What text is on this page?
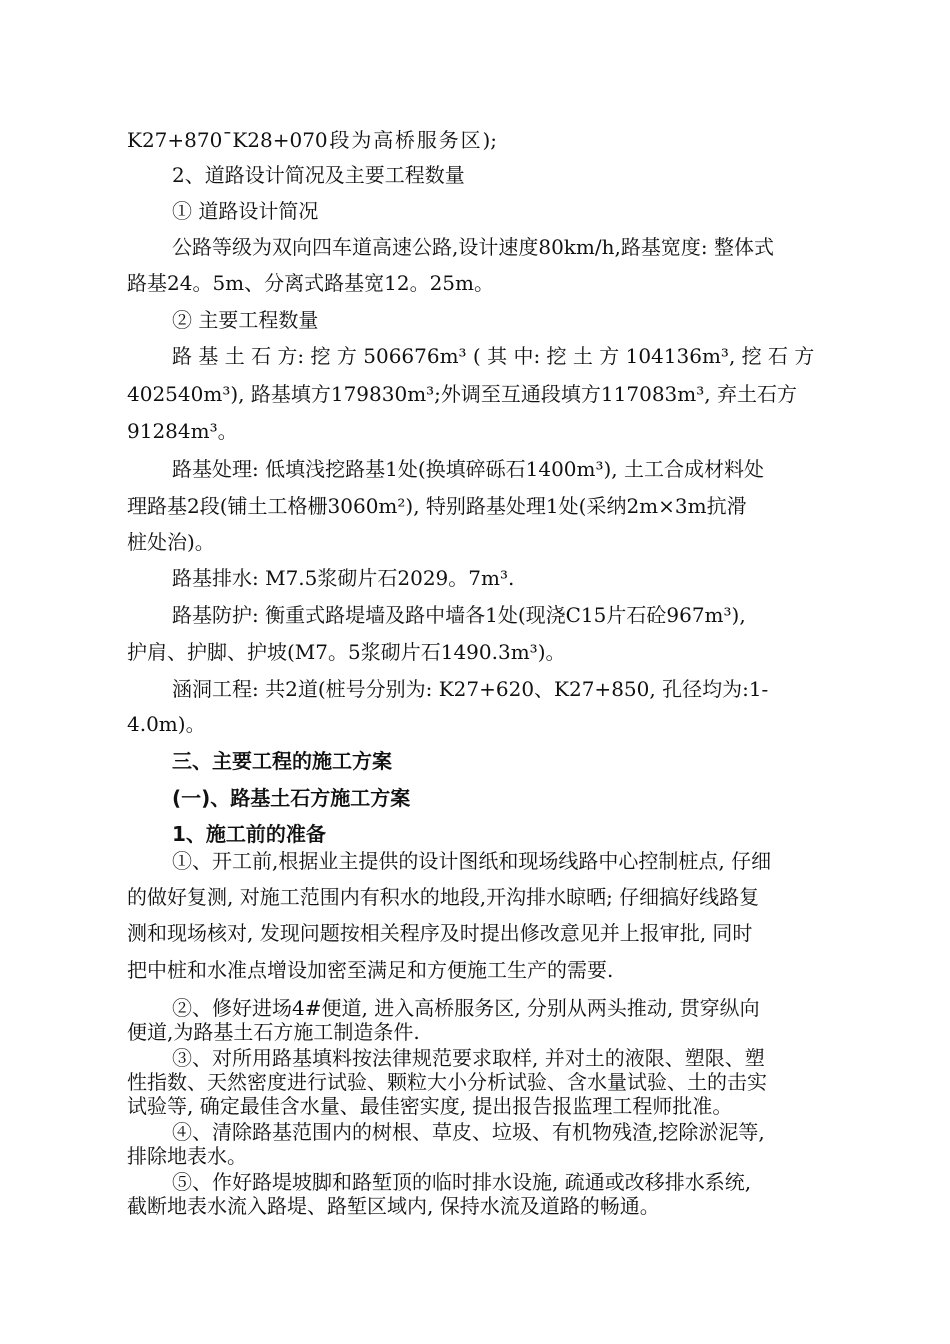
K27+870¯K28+070段为高桥服务区);
2、道路设计简况及主要工程数量
① 道路设计简况
公路等级为双向四车道高速公路,设计速度80km/h,路基宽度: 整体式
路基24。5m、分离式路基宽12。25m。
② 主要工程数量
路 基 土 石 方: 挖 方 506676m³ ( 其 中: 挖 土 方 104136m³, 挖 石 方
402540m³), 路基填方179830m³;外调至互通段填方117083m³, 弃土石方
91284m³。
路基处理: 低填浅挖路基1处(换填碎砾石1400m³), 土工合成材料处
理路基2段(铺土工格栅3060m²), 特别路基处理1处(采纳2m×3m抗滑
桩处治)。
路基排水: M7.5浆砌片石2029。7m³.
路基防护: 衡重式路堤墙及路中墙各1处(现浇C15片石砼967m³),
护肩、护脚、护坡(M7。5浆砌片石1490.3m³)。
涵洞工程: 共2道(桩号分别为: K27+620、K27+850, 孔径均为:1-
4.0m)。
三、主要工程的施工方案
(一)、路基土石方施工方案
1、施工前的准备
①、开工前,根据业主提供的设计图纸和现场线路中心控制桩点, 仔细
的做好复测, 对施工范围内有积水的地段,开沟排水晾晒; 仔细搞好线路复
测和现场核对, 发现问题按相关程序及时提出修改意见并上报审批, 同时
把中桩和水准点增设加密至满足和方便施工生产的需要.
②、修好进场4#便道, 进入高桥服务区, 分别从两头推动, 贯穿纵向
便道,为路基土石方施工制造条件.
③、对所用路基填料按法律规范要求取样, 并对土的液限、塑限、塑
性指数、天然密度进行试验、颗粒大小分析试验、含水量试验、土的击实
试验等, 确定最佳含水量、最佳密实度, 提出报告报监理工程师批准。
④、清除路基范围内的树根、草皮、垃圾、有机物残渣,挖除淤泥等,
排除地表水。
⑤、作好路堤坡脚和路堑顶的临时排水设施, 疏通或改移排水系统,
截断地表水流入路堤、路堑区域内, 保持水流及道路的畅通。
